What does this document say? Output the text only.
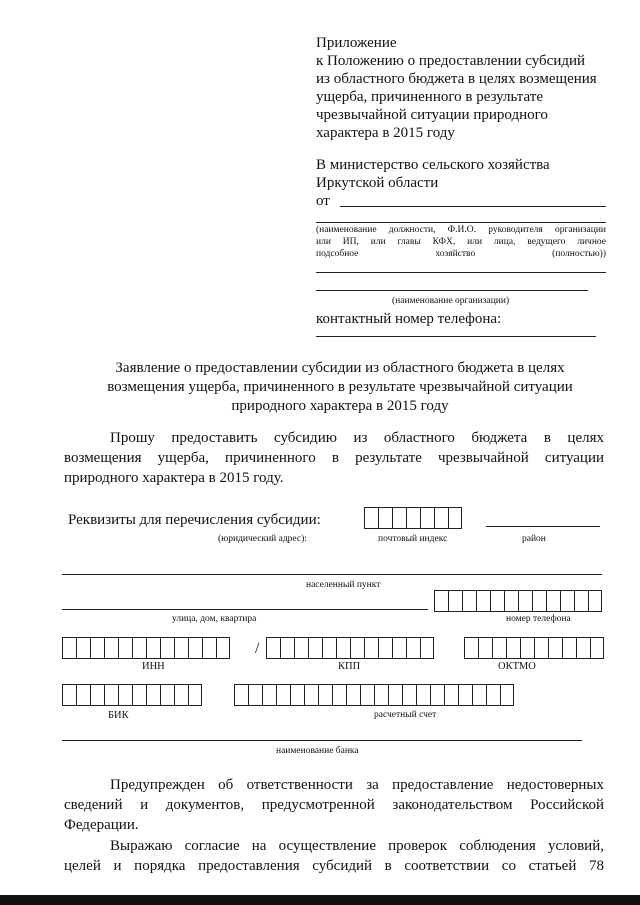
Приложение
к Положению о предоставлении субсидий
из областного бюджета в целях возмещения
ущерба, причиненного в результате
чрезвычайной ситуации природного
характера в 2015 году
В министерство сельского хозяйства
Иркутской области
от
(наименование должности, Ф.И.О. руководителя организации
или ИП, или главы КФХ, или лица, ведущего личное
подсобное хозяйство (полностью))
(наименование организации)
контактный номер телефона:
Заявление о предоставлении субсидии из областного бюджета в целях
возмещения ущерба, причиненного в результате чрезвычайной ситуации
природного характера в 2015 году
Прошу предоставить субсидию из областного бюджета в целях
возмещения ущерба, причиненного в результате чрезвычайной ситуации
природного характера в 2015 году.
Реквизиты для перечисления субсидии:
(юридический адрес):	почтовый индекс	район
населенный пункт
улица, дом, квартира	номер телефона
/
ИНН	КПП	ОКТМО
БИК	расчетный счет
наименование банка
Предупрежден об ответственности за предоставление недостоверных
сведений и документов, предусмотренной законодательством Российской
Федерации.
Выражаю согласие на осуществление проверок соблюдения условий,
целей и порядка предоставления субсидий в соответствии со статьей 78
